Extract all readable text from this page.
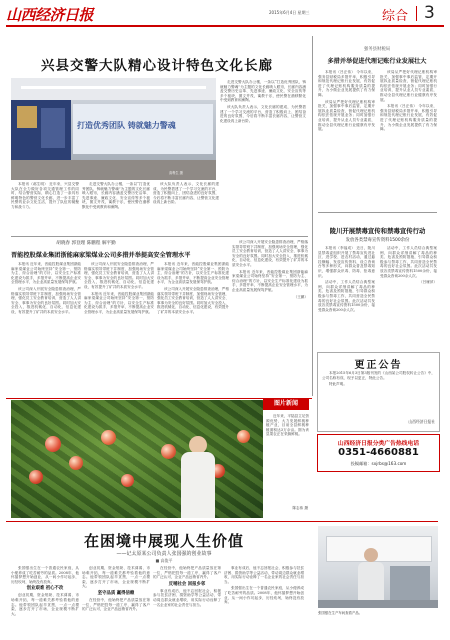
山西经济日报	2015年6月4日 星期三	综合 3
兴县交警大队精心设计特色文化长廊
打造优秀团队 铸就魅力警魂
高利生 摄

本报讯（郝生明） 近年来，兴县交警大队在全力做好各项交通管理工作的同时，结合警营实际，精心打造了一条具有鲜明特色的警营文化长廊，进一步丰富了民警的业余文化生活，提升了队伍的凝聚力和战斗力。

走进交警大队办公楼，一条以“打造优秀团队，铸就魅力警魂”为主题的文化长廊映入眼帘，长廊内容涵盖交警历史沿革、先进事迹、廉政文化、安全宣传等多个板块，图文并茂，寓教于乐，使民警在潜移默化中受到教育和熏陶。

该大队负责人表示，文化长廊的建成，为民警搭建了一个学习交流的平台，营造了积极向上、团结奋进的良好氛围，今后将不断丰富长廊内容，让警营文化建设再上新台阶。

走进交警大队办公楼，一条以“打造优秀团队，铸就魅力警魂”为主题的文化长廊映入眼帘，长廊内容涵盖交警历史沿革、先进事迹、廉政文化、安全宣传等多个板块，图文并茂，寓教于乐，使民警在潜移默化中受到教育和熏陶。

该大队负责人表示，文化长廊的建成，为民警搭建了一个学习交流的平台，营造了积极向上、团结奋进的良好氛围，今后将不断丰富长廊内容，让警营文化建设再上新台阶。

胡晓春 郭登理 陈鹏程 解平勤
晋能控股煤业集团浙能麻家梁煤业公司多措并举提高安全管理水平

本报讯 近年来，晋能控股煤业集团浙能麻家梁煤业公司始终坚持“安全第一、预防为主、综合治理”的方针，以安全生产标准化建设为抓手，多措并举，不断提高企业安全管理水平，为企业高质量发展保驾护航。

该公司深入开展安全隐患排查治理，严格落实领导带班下井制度，加强现场安全管理，强化员工安全教育培训，营造了人人讲安全、事事为安全的良好氛围。同时加大安全投入，推进机械化、自动化、信息化建设，有效提升了矿井的本质安全水平。

该公司深入开展安全隐患排查治理，严格落实领导带班下井制度，加强现场安全管理，强化员工安全教育培训，营造了人人讲安全、事事为安全的良好氛围。同时加大安全投入，推进机械化、自动化、信息化建设，有效提升了矿井的本质安全水平。

本报讯 近年来，晋能控股煤业集团浙能麻家梁煤业公司始终坚持“安全第一、预防为主、综合治理”的方针，以安全生产标准化建设为抓手，多措并举，不断提高企业安全管理水平，为企业高质量发展保驾护航。

本报讯 近年来，晋能控股煤业集团浙能麻家梁煤业公司始终坚持“安全第一、预防为主、综合治理”的方针，以安全生产标准化建设为抓手，多措并举，不断提高企业安全管理水平，为企业高质量发展保驾护航。

该公司深入开展安全隐患排查治理，严格落实领导带班下井制度，加强现场安全管理，强化员工安全教育培训，营造了人人讲安全、事事为安全的良好氛围。同时加大安全投入，推进机械化、自动化、信息化建设，有效提升了矿井的本质安全水平。

该公司深入开展安全隐患排查治理，严格落实领导带班下井制度，加强现场安全管理，强化员工安全教育培训，营造了人人讲安全、事事为安全的良好氛围。同时加大安全投入，推进机械化、自动化、信息化建设，有效提升了矿井的本质安全水平。

本报讯 近年来，晋能控股煤业集团浙能麻家梁煤业公司始终坚持“安全第一、预防为主、综合治理”的方针，以安全生产标准化建设为抓手，多措并举，不断提高企业安全管理水平，为企业高质量发展保驾护航。

（王鹏）

强务县财税局
多措并举促进代理记账行业发展壮大

本报讯（吕正伟） 今年以来，强务县财税局多措并举，积极引导和规范代理记账行业发展，有效促进了代理记账机构服务质量的提升，为小微企业发展提供了有力保障。

该局从严把好代理记账机构审批关，加强事中事后监管，定期开展执业质量检查，督促代理记账机构依法依规开展业务；同时加强行业培训，提升从业人员专业素质，推动全县代理记账行业健康有序发展。

该局从严把好代理记账机构审批关，加强事中事后监管，定期开展执业质量检查，督促代理记账机构依法依规开展业务；同时加强行业培训，提升从业人员专业素质，推动全县代理记账行业健康有序发展。

本报讯（吕正伟） 今年以来，强务县财税局多措并举，积极引导和规范代理记账行业发展，有效促进了代理记账机构服务质量的提升，为小微企业发展提供了有力保障。

陵川开展禁毒宣传和禁毒宣传行动
发放各类禁毒宣传资料1500余份

本报讯（李福成） 近日，陵川县禁毒委组织开展了禁毒宣传进社区、进学校、进农村活动，通过悬挂横幅、发放宣传资料、设立咨询台等多种形式，向群众普及禁毒知识，增强群众识毒、防毒、拒毒意识。

活动中，工作人员结合典型案例，向群众详细讲解了毒品的种类、危害及预防措施，引导群众积极参与禁毒工作，共同营造全民禁毒的良好社会氛围。此次活动共发放各类禁毒宣传资料1500余份，接受群众咨询200余人次。

活动中，工作人员结合典型案例，向群众详细讲解了毒品的种类、危害及预防措施，引导群众积极参与禁毒工作，共同营造全民禁毒的良好社会氛围。此次活动共发放各类禁毒宣传资料1500余份，接受群众咨询200余人次。

（吕雁萍）

更正公告

本报2015年6月3日第3版刊发的《山西某公司股权转让公告》中，公司名称有误，现予以更正，特此公告。

特此声明。

山西经济日报社
山西经济日报分类广告热线电话
0351-4660881
投稿邮箱：sxjrbs@163.com
图片新闻

近年来，平陆县立足资源优势，大力发展鲜桃种植产业，目前全县鲜桃种植面积达3万余亩。图为该县果农正在采摘鲜桃。

陈志伟 摄
在困境中展现人生价值
——记太原某公司负责人张国强的创业故事
■ 高俊平

张国强出生在一个普通农民家庭，从小便养成了吃苦耐劳的品质。2008年，他怀揣梦想开始创业，从一间小作坊起步，历经坎坷，始终没有放弃。

创业艰难 初心不改

创业初期，资金短缺、技术薄弱、市场难开拓，每一道难关都考验着他的意志。他带领团队起早贪黑，一点一点摸索，逐步打开了市场，企业规模不断扩大。

创业初期，资金短缺、技术薄弱、市场难开拓，每一道难关都考验着他的意志。他带领团队起早贪黑，一点一点摸索，逐步打开了市场，企业规模不断扩大。

坚守品质 赢得信赖

在经营中，他始终把产品质量放在第一位，严格把控每一道工序，赢得了客户的广泛认可，企业产品远销省内外。

在经营中，他始终把产品质量放在第一位，严格把控每一道工序，赢得了客户的广泛认可，企业产品远销省内外。

反哺社会 回报乡邻

事业有成后，他不忘回报社会，积极参与扶贫济困、捐资助学等公益活动，带动周边群众就业增收，用实际行动诠释了一名企业家的社会责任与担当。

事业有成后，他不忘回报社会，积极参与扶贫济困、捐资助学等公益活动，带动周边群众就业增收，用实际行动诠释了一名企业家的社会责任与担当。

张国强出生在一个普通农民家庭，从小便养成了吃苦耐劳的品质。2008年，他怀揣梦想开始创业，从一间小作坊起步，历经坎坷，始终没有放弃。

张国强在生产车间查看产品。
